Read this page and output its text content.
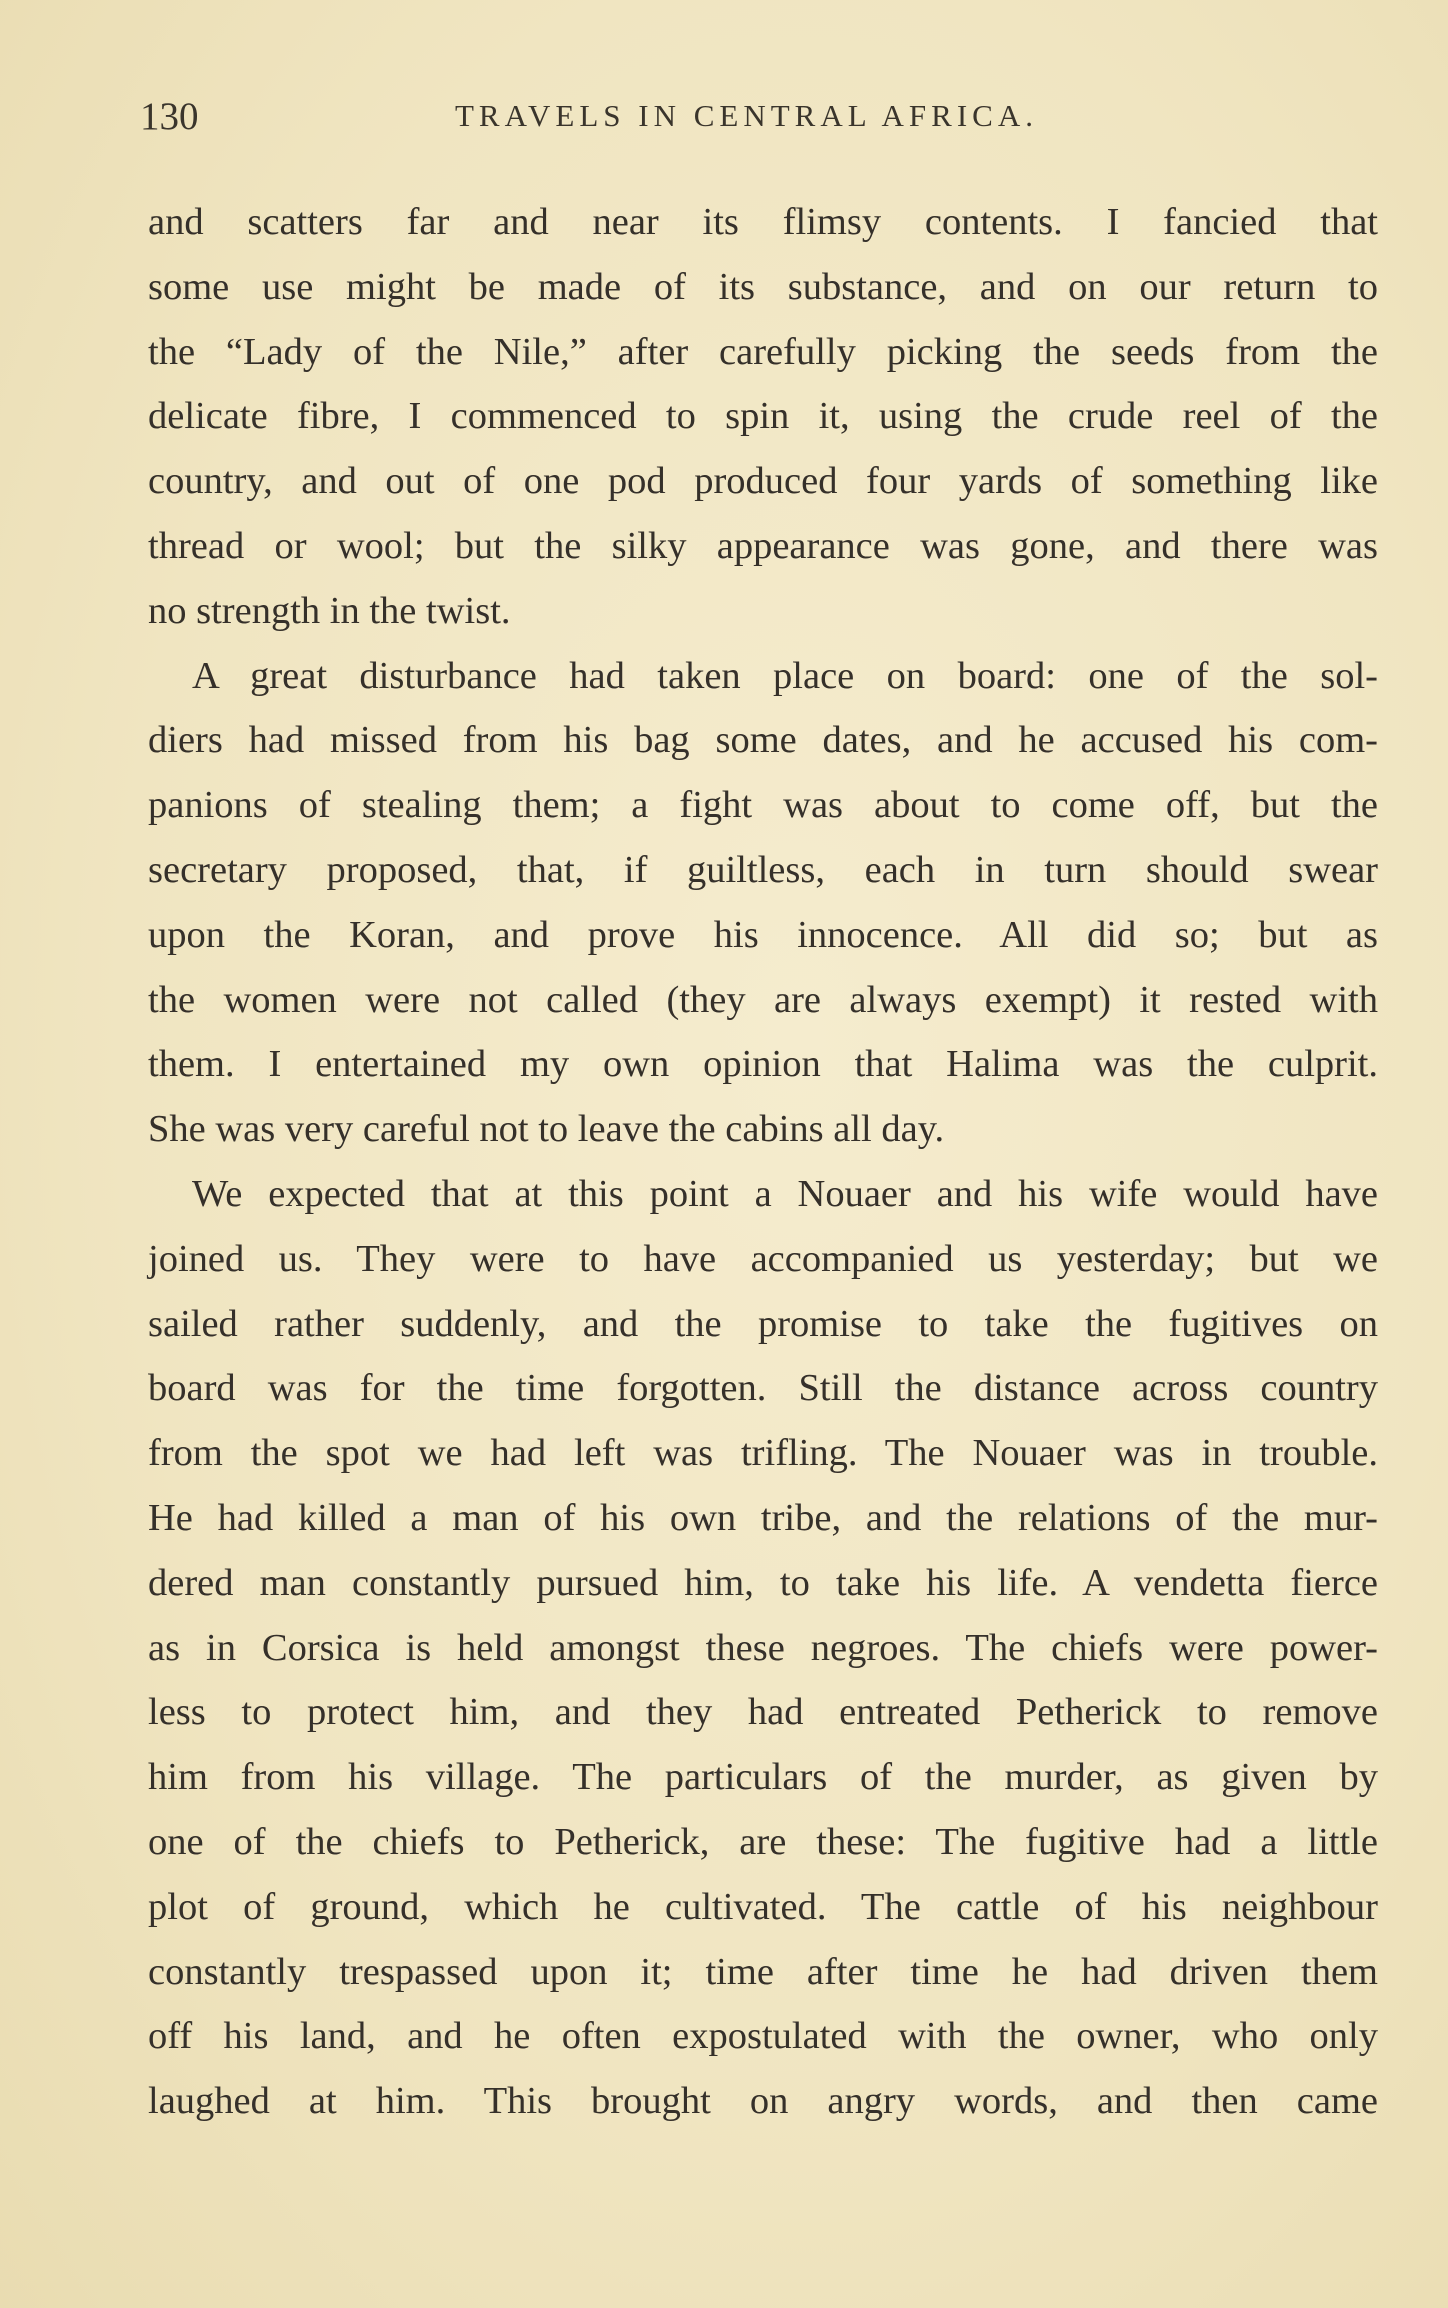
130	TRAVELS IN CENTRAL AFRICA.
and scatters far and near its flimsy contents. I fancied that
some use might be made of its substance, and on our return to
the “Lady of the Nile,” after carefully picking the seeds from the
delicate fibre, I commenced to spin it, using the crude reel of the
country, and out of one pod produced four yards of something like
thread or wool; but the silky appearance was gone, and there was
no strength in the twist.
A great disturbance had taken place on board: one of the sol-
diers had missed from his bag some dates, and he accused his com-
panions of stealing them; a fight was about to come off, but the
secretary proposed, that, if guiltless, each in turn should swear
upon the Koran, and prove his innocence. All did so; but as
the women were not called (they are always exempt) it rested with
them. I entertained my own opinion that Halima was the culprit.
She was very careful not to leave the cabins all day.
We expected that at this point a Nouaer and his wife would have
joined us. They were to have accompanied us yesterday; but we
sailed rather suddenly, and the promise to take the fugitives on
board was for the time forgotten. Still the distance across country
from the spot we had left was trifling. The Nouaer was in trouble.
He had killed a man of his own tribe, and the relations of the mur-
dered man constantly pursued him, to take his life. A vendetta fierce
as in Corsica is held amongst these negroes. The chiefs were power-
less to protect him, and they had entreated Petherick to remove
him from his village. The particulars of the murder, as given by
one of the chiefs to Petherick, are these: The fugitive had a little
plot of ground, which he cultivated. The cattle of his neighbour
constantly trespassed upon it; time after time he had driven them
off his land, and he often expostulated with the owner, who only
laughed at him. This brought on angry words, and then came
